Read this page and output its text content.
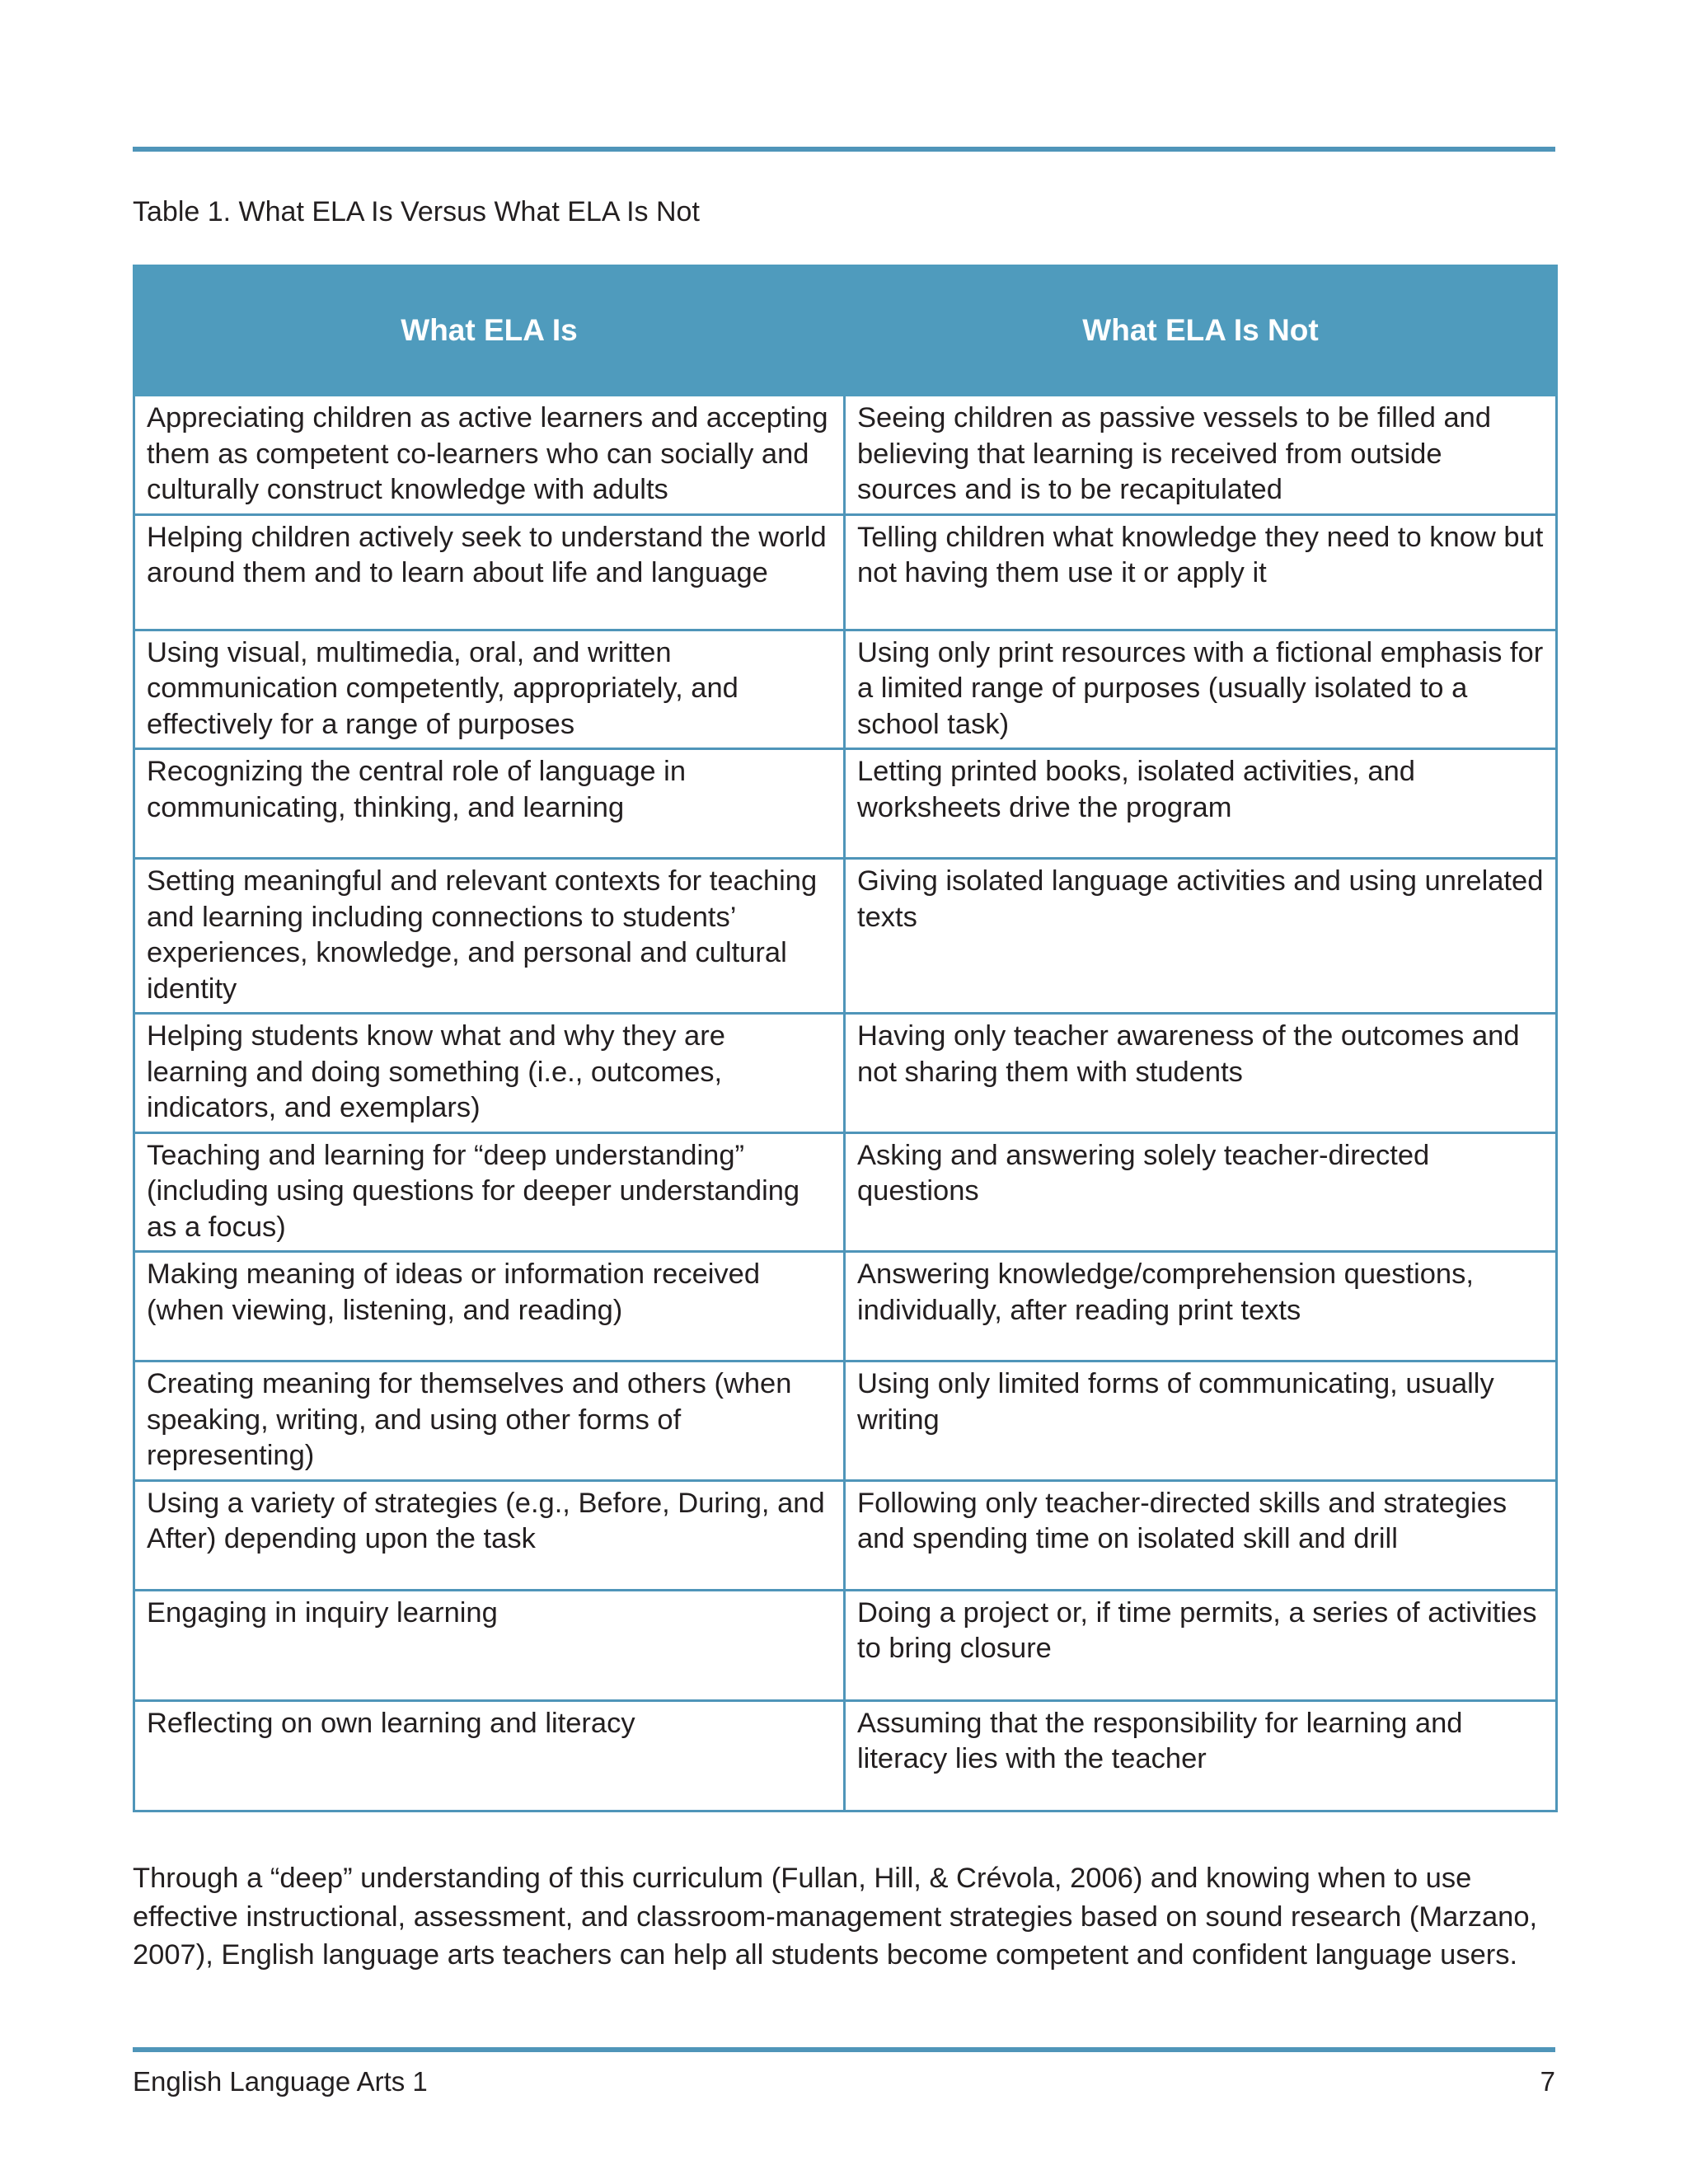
Table 1. What ELA Is Versus What ELA Is Not
What ELA Is	What ELA Is Not
Appreciating children as active learners and accepting them as competent co-learners who can socially and culturally construct knowledge with adults	Seeing children as passive vessels to be filled and believing that learning is received from outside sources and is to be recapitulated
Helping children actively seek to understand the world around them and to learn about life and language	Telling children what knowledge they need to know but not having them use it or apply it
Using visual, multimedia, oral, and written communication competently, appropriately, and effectively for a range of purposes	Using only print resources with a fictional emphasis for a limited range of purposes (usually isolated to a school task)
Recognizing the central role of language in communicating, thinking, and learning	Letting printed books, isolated activities, and worksheets drive the program
Setting meaningful and relevant contexts for teaching and learning including connections to students’ experiences, knowledge, and personal and cultural identity	Giving isolated language activities and using unrelated texts
Helping students know what and why they are learning and doing something (i.e., outcomes, indicators, and exemplars)	Having only teacher awareness of the outcomes and not sharing them with students
Teaching and learning for “deep understanding” (including using questions for deeper understanding as a focus)	Asking and answering solely teacher-directed questions
Making meaning of ideas or information received (when viewing, listening, and reading)	Answering knowledge/comprehension questions, individually, after reading print texts
Creating meaning for themselves and others (when speaking, writing, and using other forms of representing)	Using only limited forms of communicating, usually writing
Using a variety of strategies (e.g., Before, During, and After) depending upon the task	Following only teacher-directed skills and strategies and spending time on isolated skill and drill
Engaging in inquiry learning	Doing a project or, if time permits, a series of activities to bring closure
Reflecting on own learning and literacy	Assuming that the responsibility for learning and literacy lies with the teacher

Through a “deep” understanding of this curriculum (Fullan, Hill, & Crévola, 2006) and knowing when to use effective instructional, assessment, and classroom-management strategies based on sound research (Marzano, 2007), English language arts teachers can help all students become competent and confident language users.

English Language Arts 1	7
